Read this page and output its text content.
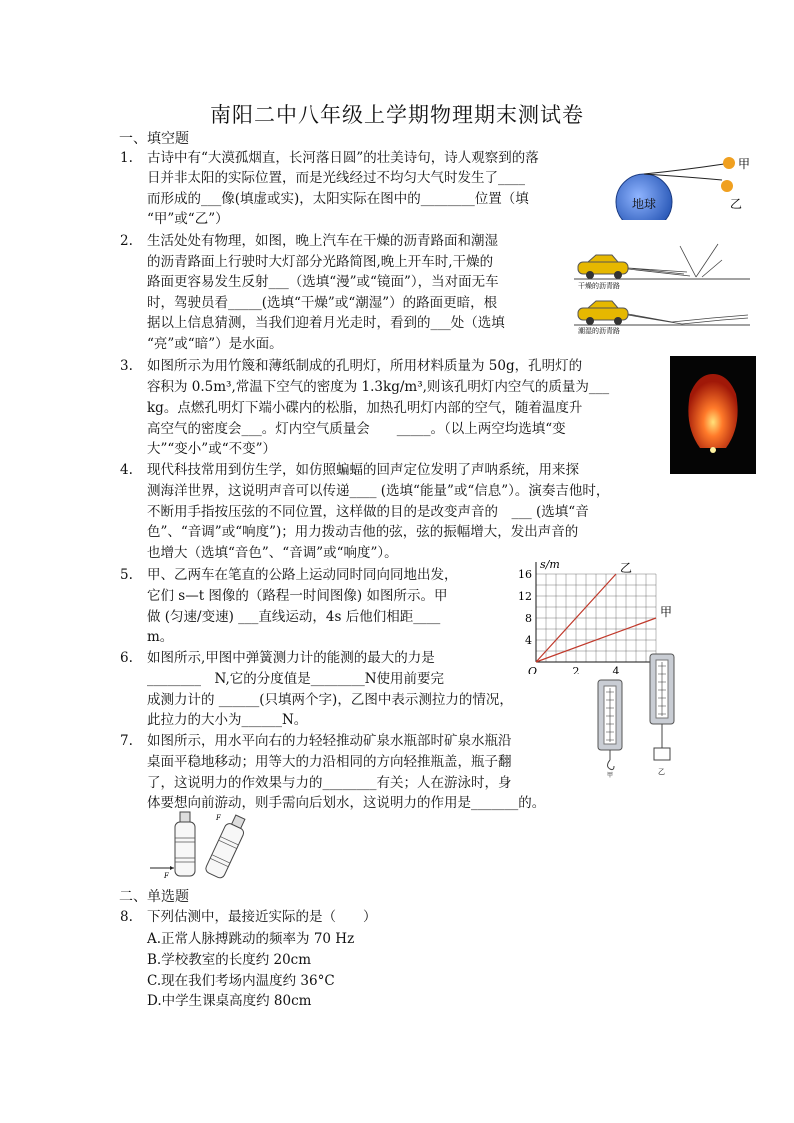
南阳二中八年级上学期物理期末测试卷
一、填空题
1. 古诗中有“大漠孤烟直，长河落日圆”的壮美诗句，诗人观察到的落
日并非太阳的实际位置，而是光线经过不均匀大气时发生了____
而形成的___像(填虚或实)，太阳实际在图中的________位置（填
“甲”或“乙”）
2. 生活处处有物理，如图，晚上汽车在干燥的沥青路面和潮湿
的沥青路面上行驶时大灯部分光路简图,晚上开车时,干燥的
路面更容易发生反射___（选填“漫”或“镜面”），当对面无车
时，驾驶员看_____(选填“干燥”或“潮湿”）的路面更暗，根
据以上信息猜测，当我们迎着月光走时，看到的___处（选填
“亮”或“暗”）是水面。
3. 如图所示为用竹篾和薄纸制成的孔明灯，所用材料质量为 50g，孔明灯的
容积为 0.5m³,常温下空气的密度为 1.3kg/m³,则该孔明灯内空气的质量为___
kg。点燃孔明灯下端小碟内的松脂，加热孔明灯内部的空气，随着温度升
高空气的密度会___。灯内空气质量会　　_____。（以上两空均选填“变
大”“变小”或“不变”）
4. 现代科技常用到仿生学，如仿照蝙蝠的回声定位发明了声呐系统，用来探
测海洋世界，这说明声音可以传递____ (选填“能量”或“信息”）。演奏吉他时，
不断用手指按压弦的不同位置，这样做的目的是改变声音的　___ (选填“音
色”、“音调”或“响度”)；用力拨动吉他的弦，弦的振幅增大，发出声音的
也增大（选填“音色”、“音调”或“响度”）。
5. 甲、乙两车在笔直的公路上运动同时同向同地出发，
它们 s—t 图像的（路程一时间图像) 如图所示。甲
做 (匀速/变速) ___直线运动，4s 后他们相距____
m。
6. 如图所示,甲图中弹簧测力计的能测的最大的力是
________　N,它的分度值是________N使用前要完
成测力计的 ______(只填两个字)，乙图中表示测拉力的情况，
此拉力的大小为______N。
7. 如图所示，用水平向右的力轻轻推动矿泉水瓶部时矿泉水瓶沿
桌面平稳地移动；用等大的力沿相同的方向轻推瓶盖，瓶子翻
了，这说明力的作效果与力的________有关；人在游泳时，身
体要想向前游动，则手需向后划水，这说明力的作用是_______的。
二、单选题
8. 下列估测中，最接近实际的是（　　）
A.正常人脉搏跳动的频率为 70 Hz
B.学校教室的长度约 20cm
C.现在我们考场内温度约 36°C
D.中学生课桌高度约 80cm
地球
甲
乙
干燥的沥青路
潮湿的沥青路
16
12
8
4
2	4
O
s/m	乙
甲
甲	乙
F
F
